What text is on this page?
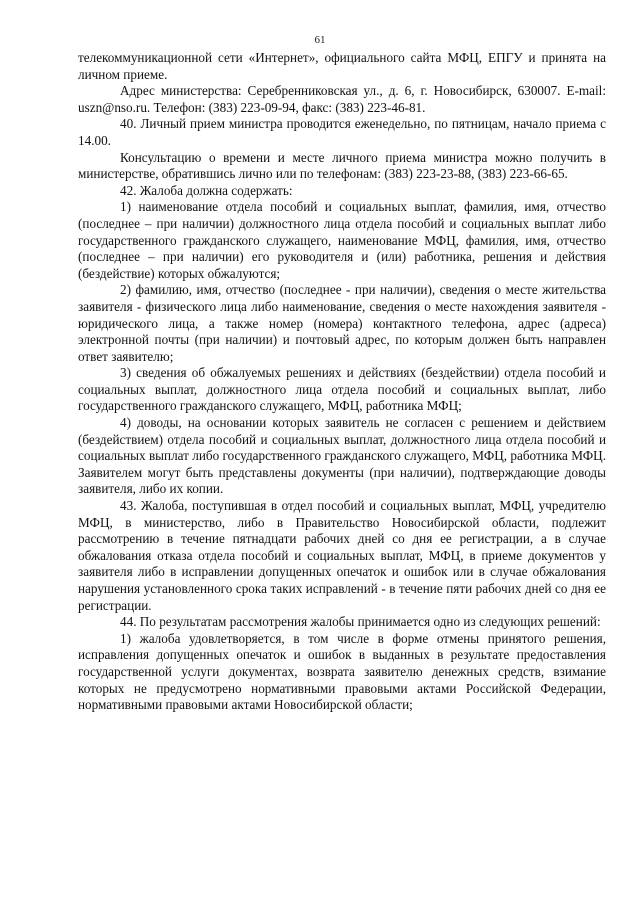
61

телекоммуникационной сети «Интернет», официального сайта МФЦ, ЕПГУ и принята на личном приеме.

Адрес министерства: Серебренниковская ул., д. 6, г. Новосибирск, 630007. E-mail: uszn@nso.ru. Телефон: (383) 223-09-94, факс: (383) 223-46-81.

40. Личный прием министра проводится еженедельно, по пятницам, начало приема с 14.00.

Консультацию о времени и месте личного приема министра можно получить в министерстве, обратившись лично или по телефонам: (383) 223-23-88, (383) 223-66-65.

42. Жалоба должна содержать:

1) наименование отдела пособий и социальных выплат, фамилия, имя, отчество (последнее – при наличии) должностного лица отдела пособий и социальных выплат либо государственного гражданского служащего, наименование МФЦ, фамилия, имя, отчество (последнее – при наличии) его руководителя и (или) работника, решения и действия (бездействие) которых обжалуются;

2) фамилию, имя, отчество (последнее - при наличии), сведения о месте жительства заявителя - физического лица либо наименование, сведения о месте нахождения заявителя - юридического лица, а также номер (номера) контактного телефона, адрес (адреса) электронной почты (при наличии) и почтовый адрес, по которым должен быть направлен ответ заявителю;

3) сведения об обжалуемых решениях и действиях (бездействии) отдела пособий и социальных выплат, должностного лица отдела пособий и социальных выплат, либо государственного гражданского служащего, МФЦ, работника МФЦ;

4) доводы, на основании которых заявитель не согласен с решением и действием (бездействием) отдела пособий и социальных выплат, должностного лица отдела пособий и социальных выплат либо государственного гражданского служащего, МФЦ, работника МФЦ. Заявителем могут быть представлены документы (при наличии), подтверждающие доводы заявителя, либо их копии.

43. Жалоба, поступившая в отдел пособий и социальных выплат, МФЦ, учредителю МФЦ, в министерство, либо в Правительство Новосибирской области, подлежит рассмотрению в течение пятнадцати рабочих дней со дня ее регистрации, а в случае обжалования отказа отдела пособий и социальных выплат, МФЦ, в приеме документов у заявителя либо в исправлении допущенных опечаток и ошибок или в случае обжалования нарушения установленного срока таких исправлений - в течение пяти рабочих дней со дня ее регистрации.

44. По результатам рассмотрения жалобы принимается одно из следующих решений:

1) жалоба удовлетворяется, в том числе в форме отмены принятого решения, исправления допущенных опечаток и ошибок в выданных в результате предоставления государственной услуги документах, возврата заявителю денежных средств, взимание которых не предусмотрено нормативными правовыми актами Российской Федерации, нормативными правовыми актами Новосибирской области;
